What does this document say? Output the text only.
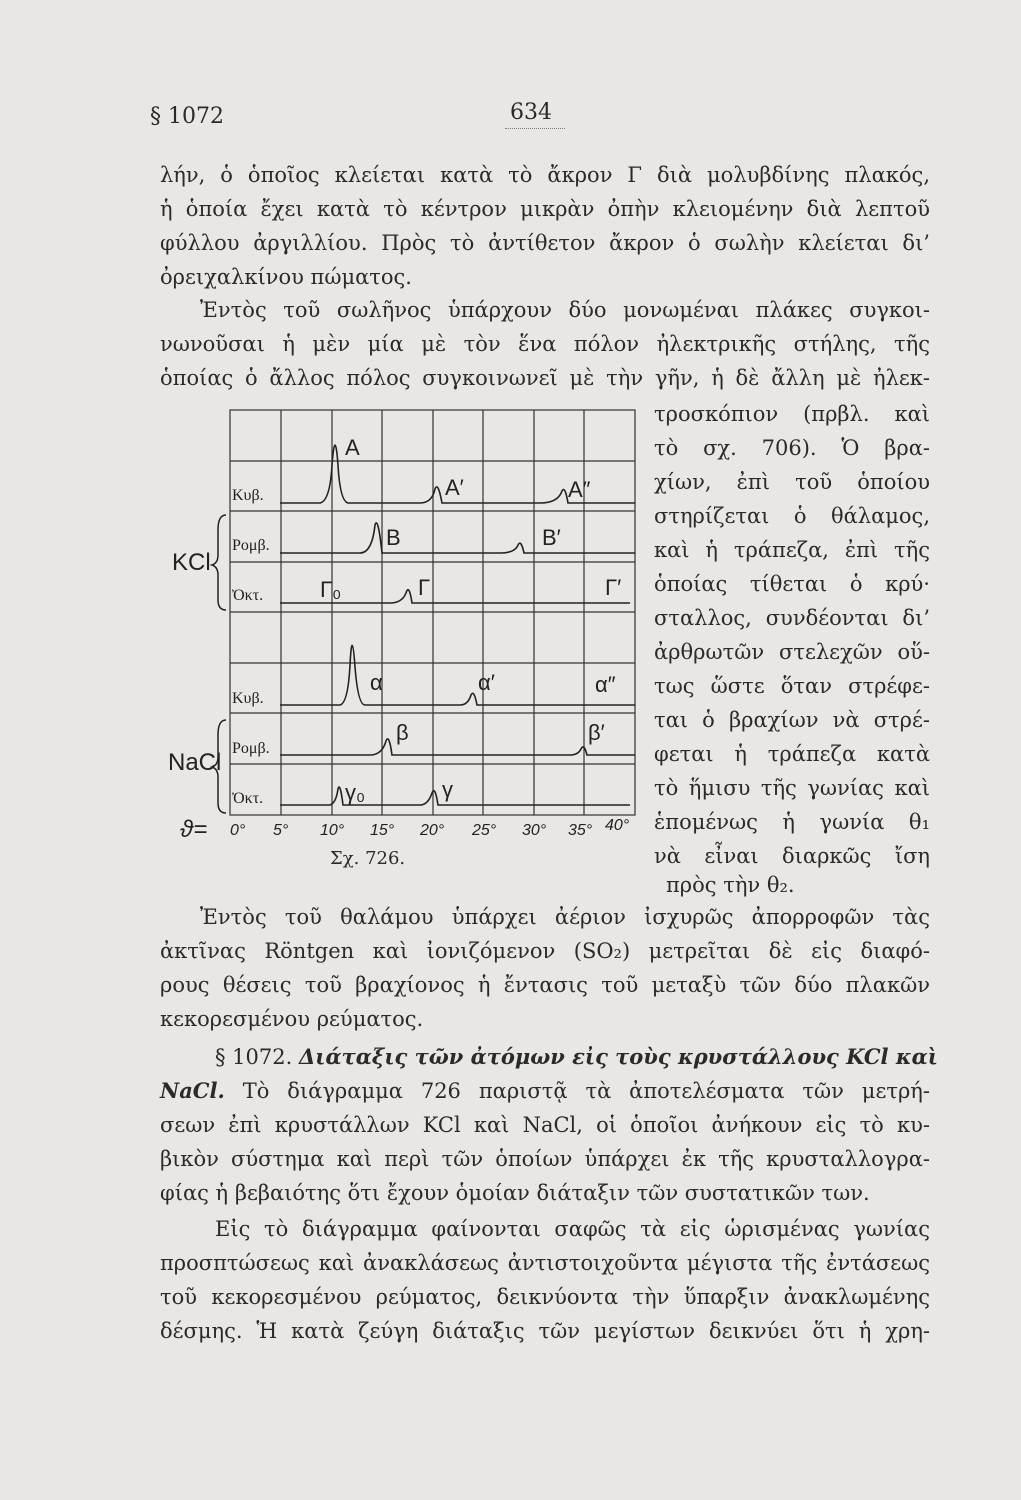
§ 1072	634
λήν, ὁ ὁποῖος κλείεται κατὰ τὸ ἄκρον Γ διὰ μολυβδίνης πλακός,
ἡ ὁποία ἔχει κατὰ τὸ κέντρον μικρὰν ὀπὴν κλειομένην διὰ λεπτοῦ
φύλλου ἀργιλλίου. Πρὸς τὸ ἀντίθετον ἄκρον ὁ σωλὴν κλείεται δι’
ὀρειχαλκίνου πώματος.
Ἐντὸς τοῦ σωλῆνος ὑπάρχουν δύο μονωμέναι πλάκες συγκοι-
νωνοῦσαι ἡ μὲν μία μὲ τὸν ἕνα πόλον ἠλεκτρικῆς στήλης, τῆς
ὁποίας ὁ ἄλλος πόλος συγκοινωνεῖ μὲ τὴν γῆν, ἡ δὲ ἄλλη μὲ ἠλεκ-
τροσκόπιον (πρβλ. καὶ
τὸ σχ. 706). Ὁ βρα-
χίων, ἐπὶ τοῦ ὁποίου
στηρίζεται ὁ θάλαμος,
καὶ ἡ τράπεζα, ἐπὶ τῆς
ὁποίας τίθεται ὁ κρύ·
σταλλος, συνδέονται δι’
ἀρθρωτῶν στελεχῶν οὕ-
τως ὥστε ὅταν στρέφε-
ται ὁ βραχίων νὰ στρέ-
φεται ἡ τράπεζα κατὰ
τὸ ἥμισυ τῆς γωνίας καὶ
ἑπομένως ἡ γωνία θ₁
νὰ εἶναι διαρκῶς ἴση
πρὸς τὴν θ₂.
Κυβ.
Ρομβ.
Ὀκτ.
Κυβ.
Ρομβ.
Ὀκτ.
KCl
NaCl
A
A′	A″
B	B′
Γ₀	Γ	Γ′
α	α′	α″
β	β′
γ₀	γ
ϑ= 0° 5° 10° 15° 20° 25° 30° 35° 40°
Σχ. 726.
Ἐντὸς τοῦ θαλάμου ὑπάρχει ἀέριον ἰσχυρῶς ἀπορροφῶν τὰς
ἀκτῖνας Röntgen καὶ ἰονιζόμενον (SO₂) μετρεῖται δὲ εἰς διαφό-
ρους θέσεις τοῦ βραχίονος ἡ ἔντασις τοῦ μεταξὺ τῶν δύο πλακῶν
κεκορεσμένου ρεύματος.
§ 1072. Διάταξις τῶν ἀτόμων εἰς τοὺς κρυστάλλους KCl καὶ
NaCl. Τὸ διάγραμμα 726 παριστᾷ τὰ ἀποτελέσματα τῶν μετρή-
σεων ἐπὶ κρυστάλλων KCl καὶ NaCl, οἱ ὁποῖοι ἀνήκουν εἰς τὸ κυ-
βικὸν σύστημα καὶ περὶ τῶν ὁποίων ὑπάρχει ἐκ τῆς κρυσταλλογρα-
φίας ἡ βεβαιότης ὅτι ἔχουν ὁμοίαν διάταξιν τῶν συστατικῶν των.
Εἰς τὸ διάγραμμα φαίνονται σαφῶς τὰ εἰς ὡρισμένας γωνίας
προσπτώσεως καὶ ἀνακλάσεως ἀντιστοιχοῦντα μέγιστα τῆς ἐντάσεως
τοῦ κεκορεσμένου ρεύματος, δεικνύοντα τὴν ὕπαρξιν ἀνακλωμένης
δέσμης. Ἡ κατὰ ζεύγη διάταξις τῶν μεγίστων δεικνύει ὅτι ἡ χρη-
